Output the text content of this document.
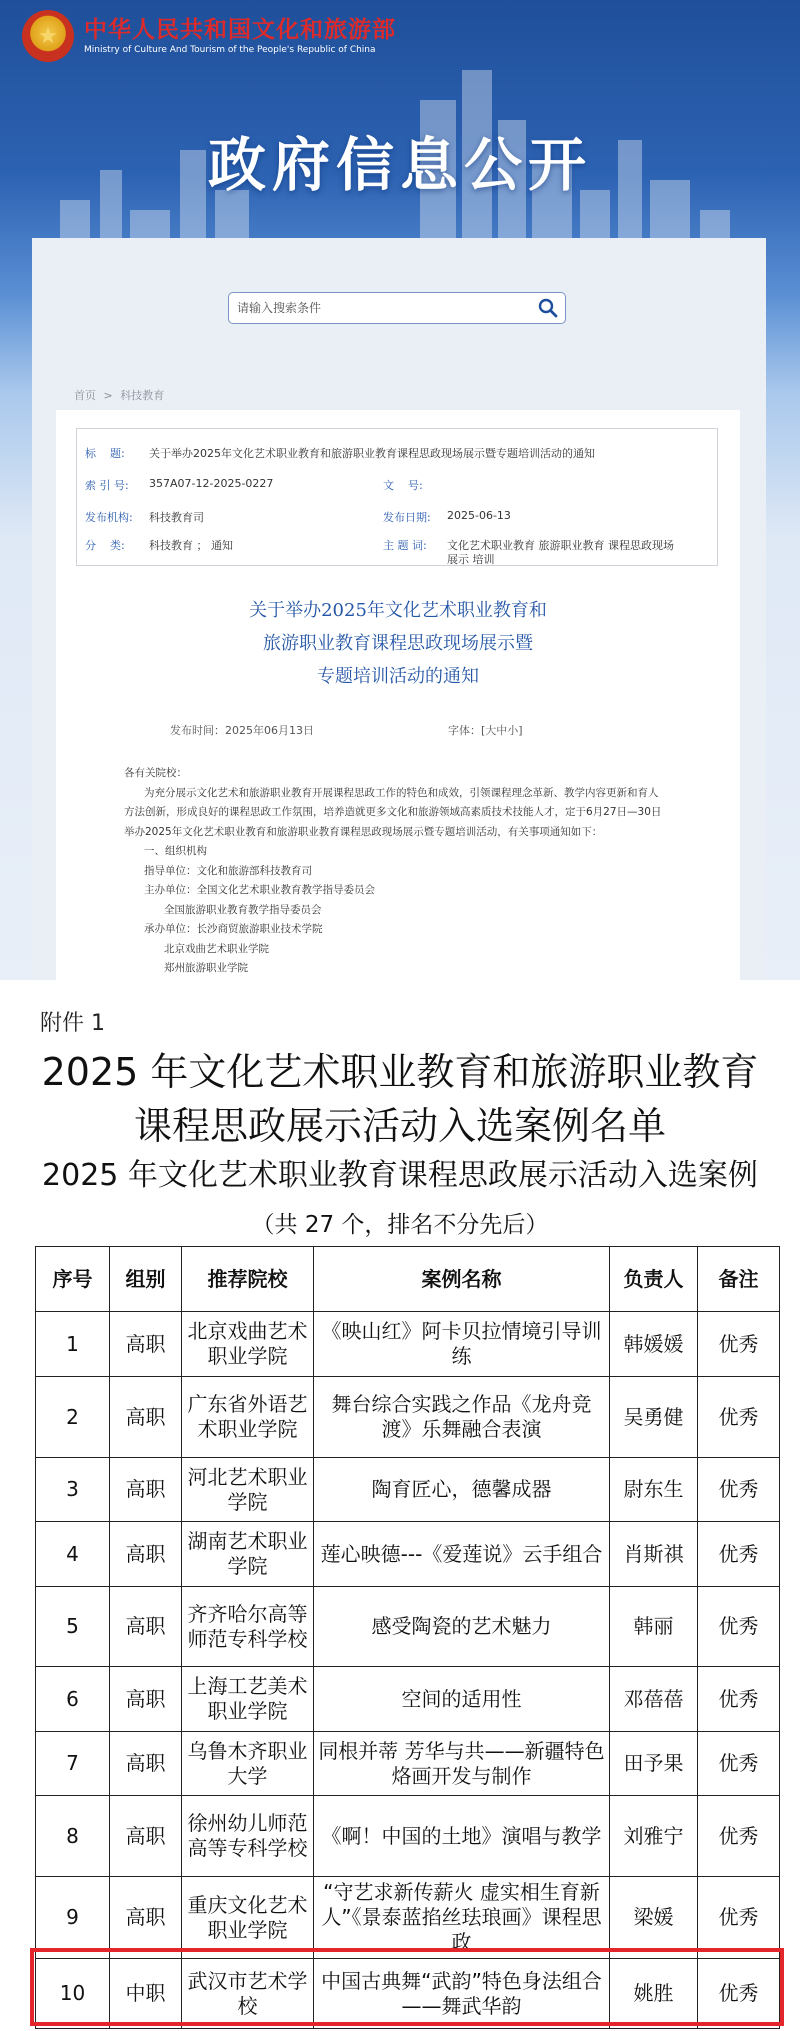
★	中华人民共和国文化和旅游部
Ministry of Culture And Tourism of the People's Republic of China
政府信息公开
请输入搜索条件
首页 > 科技教育
标    题: 关于举办2025年文化艺术职业教育和旅游职业教育课程思政现场展示暨专题培训活动的通知
索 引 号: 357A07-12-2025-0227	文    号:
发布机构: 科技教育司	发布日期: 2025-06-13
分    类: 科技教育 ； 通知	主 题 词: 文化艺术职业教育 旅游职业教育 课程思政现场
展示 培训
关于举办2025年文化艺术职业教育和
旅游职业教育课程思政现场展示暨
专题培训活动的通知
发布时间：2025年06月13日	字体：[大中小]

各有关院校：

为充分展示文化艺术和旅游职业教育开展课程思政工作的特色和成效，引领课程理念革新、教学内容更新和育人

方法创新，形成良好的课程思政工作氛围，培养造就更多文化和旅游领域高素质技术技能人才，定于6月27日—30日

举办2025年文化艺术职业教育和旅游职业教育课程思政现场展示暨专题培训活动，有关事项通知如下：

一、组织机构

指导单位：文化和旅游部科技教育司

主办单位：全国文化艺术职业教育教学指导委员会

全国旅游职业教育教学指导委员会

承办单位：长沙商贸旅游职业技术学院

北京戏曲艺术职业学院

郑州旅游职业学院

附件 1
2025 年文化艺术职业教育和旅游职业教育
课程思政展示活动入选案例名单
2025 年文化艺术职业教育课程思政展示活动入选案例
（共 27 个，排名不分先后）
序号	组别	推荐院校	案例名称	负责人	备注
1	高职	北京戏曲艺术职业学院	《映山红》阿卡贝拉情境引导训练	韩媛媛	优秀
2	高职	广东省外语艺术职业学院	舞台综合实践之作品《龙舟竞渡》乐舞融合表演	吴勇健	优秀
3	高职	河北艺术职业学院	陶育匠心，德馨成器	尉东生	优秀
4	高职	湖南艺术职业学院	莲心映德---《爱莲说》云手组合	肖斯祺	优秀
5	高职	齐齐哈尔高等师范专科学校	感受陶瓷的艺术魅力	韩丽	优秀
6	高职	上海工艺美术职业学院	空间的适用性	邓蓓蓓	优秀
7	高职	乌鲁木齐职业大学	同根并蒂 芳华与共——新疆特色烙画开发与制作	田予果	优秀
8	高职	徐州幼儿师范高等专科学校	《啊！中国的土地》演唱与教学	刘雅宁	优秀
9	高职	重庆文化艺术职业学院	“守艺求新传薪火 虚实相生育新人”《景泰蓝掐丝珐琅画》课程思政	梁媛	优秀
10	中职	武汉市艺术学校	中国古典舞“武韵”特色身法组合——舞武华韵	姚胜	优秀
